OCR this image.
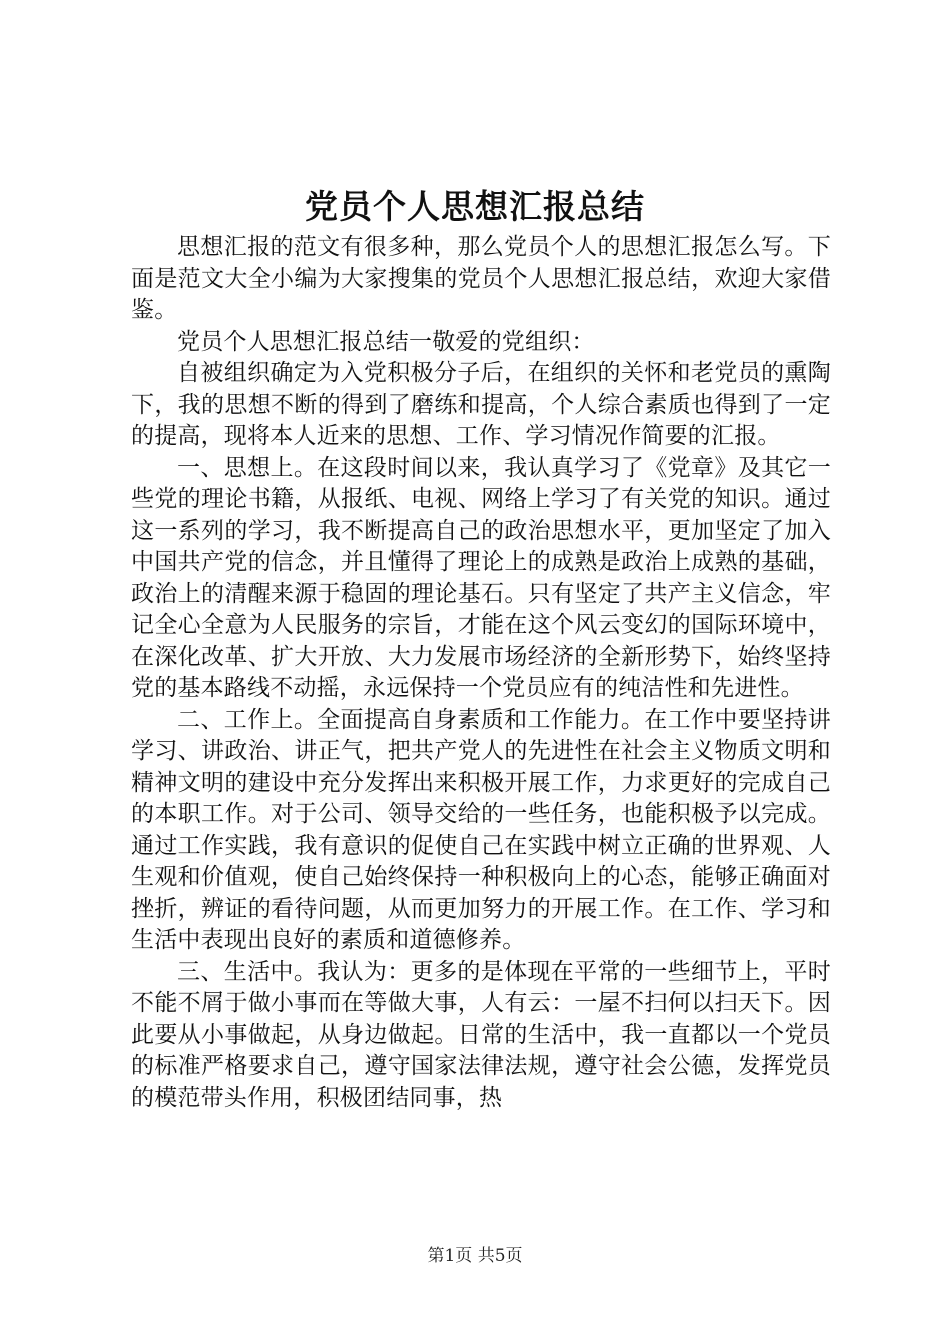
党员个人思想汇报总结

思想汇报的范文有很多种，那么党员个人的思想汇报怎么写。下面是范文大全小编为大家搜集的党员个人思想汇报总结，欢迎大家借鉴。

党员个人思想汇报总结一敬爱的党组织：

自被组织确定为入党积极分子后，在组织的关怀和老党员的熏陶下，我的思想不断的得到了磨练和提高，个人综合素质也得到了一定的提高，现将本人近来的思想、工作、学习情况作简要的汇报。

一、思想上。在这段时间以来，我认真学习了《党章》及其它一些党的理论书籍，从报纸、电视、网络上学习了有关党的知识。通过这一系列的学习，我不断提高自己的政治思想水平，更加坚定了加入中国共产党的信念，并且懂得了理论上的成熟是政治上成熟的基础，政治上的清醒来源于稳固的理论基石。只有坚定了共产主义信念，牢记全心全意为人民服务的宗旨，才能在这个风云变幻的国际环境中，在深化改革、扩大开放、大力发展市场经济的全新形势下，始终坚持党的基本路线不动摇，永远保持一个党员应有的纯洁性和先进性。

二、工作上。全面提高自身素质和工作能力。在工作中要坚持讲学习、讲政治、讲正气，把共产党人的先进性在社会主义物质文明和精神文明的建设中充分发挥出来积极开展工作，力求更好的完成自己的本职工作。对于公司、领导交给的一些任务，也能积极予以完成。通过工作实践，我有意识的促使自己在实践中树立正确的世界观、人生观和价值观，使自己始终保持一种积极向上的心态，能够正确面对挫折，辨证的看待问题，从而更加努力的开展工作。在工作、学习和生活中表现出良好的素质和道德修养。

三、生活中。我认为：更多的是体现在平常的一些细节上，平时不能不屑于做小事而在等做大事，人有云：一屋不扫何以扫天下。因此要从小事做起，从身边做起。日常的生活中，我一直都以一个党员的标准严格要求自己，遵守国家法律法规，遵守社会公德，发挥党员的模范带头作用，积极团结同事，热

第1页 共5页
